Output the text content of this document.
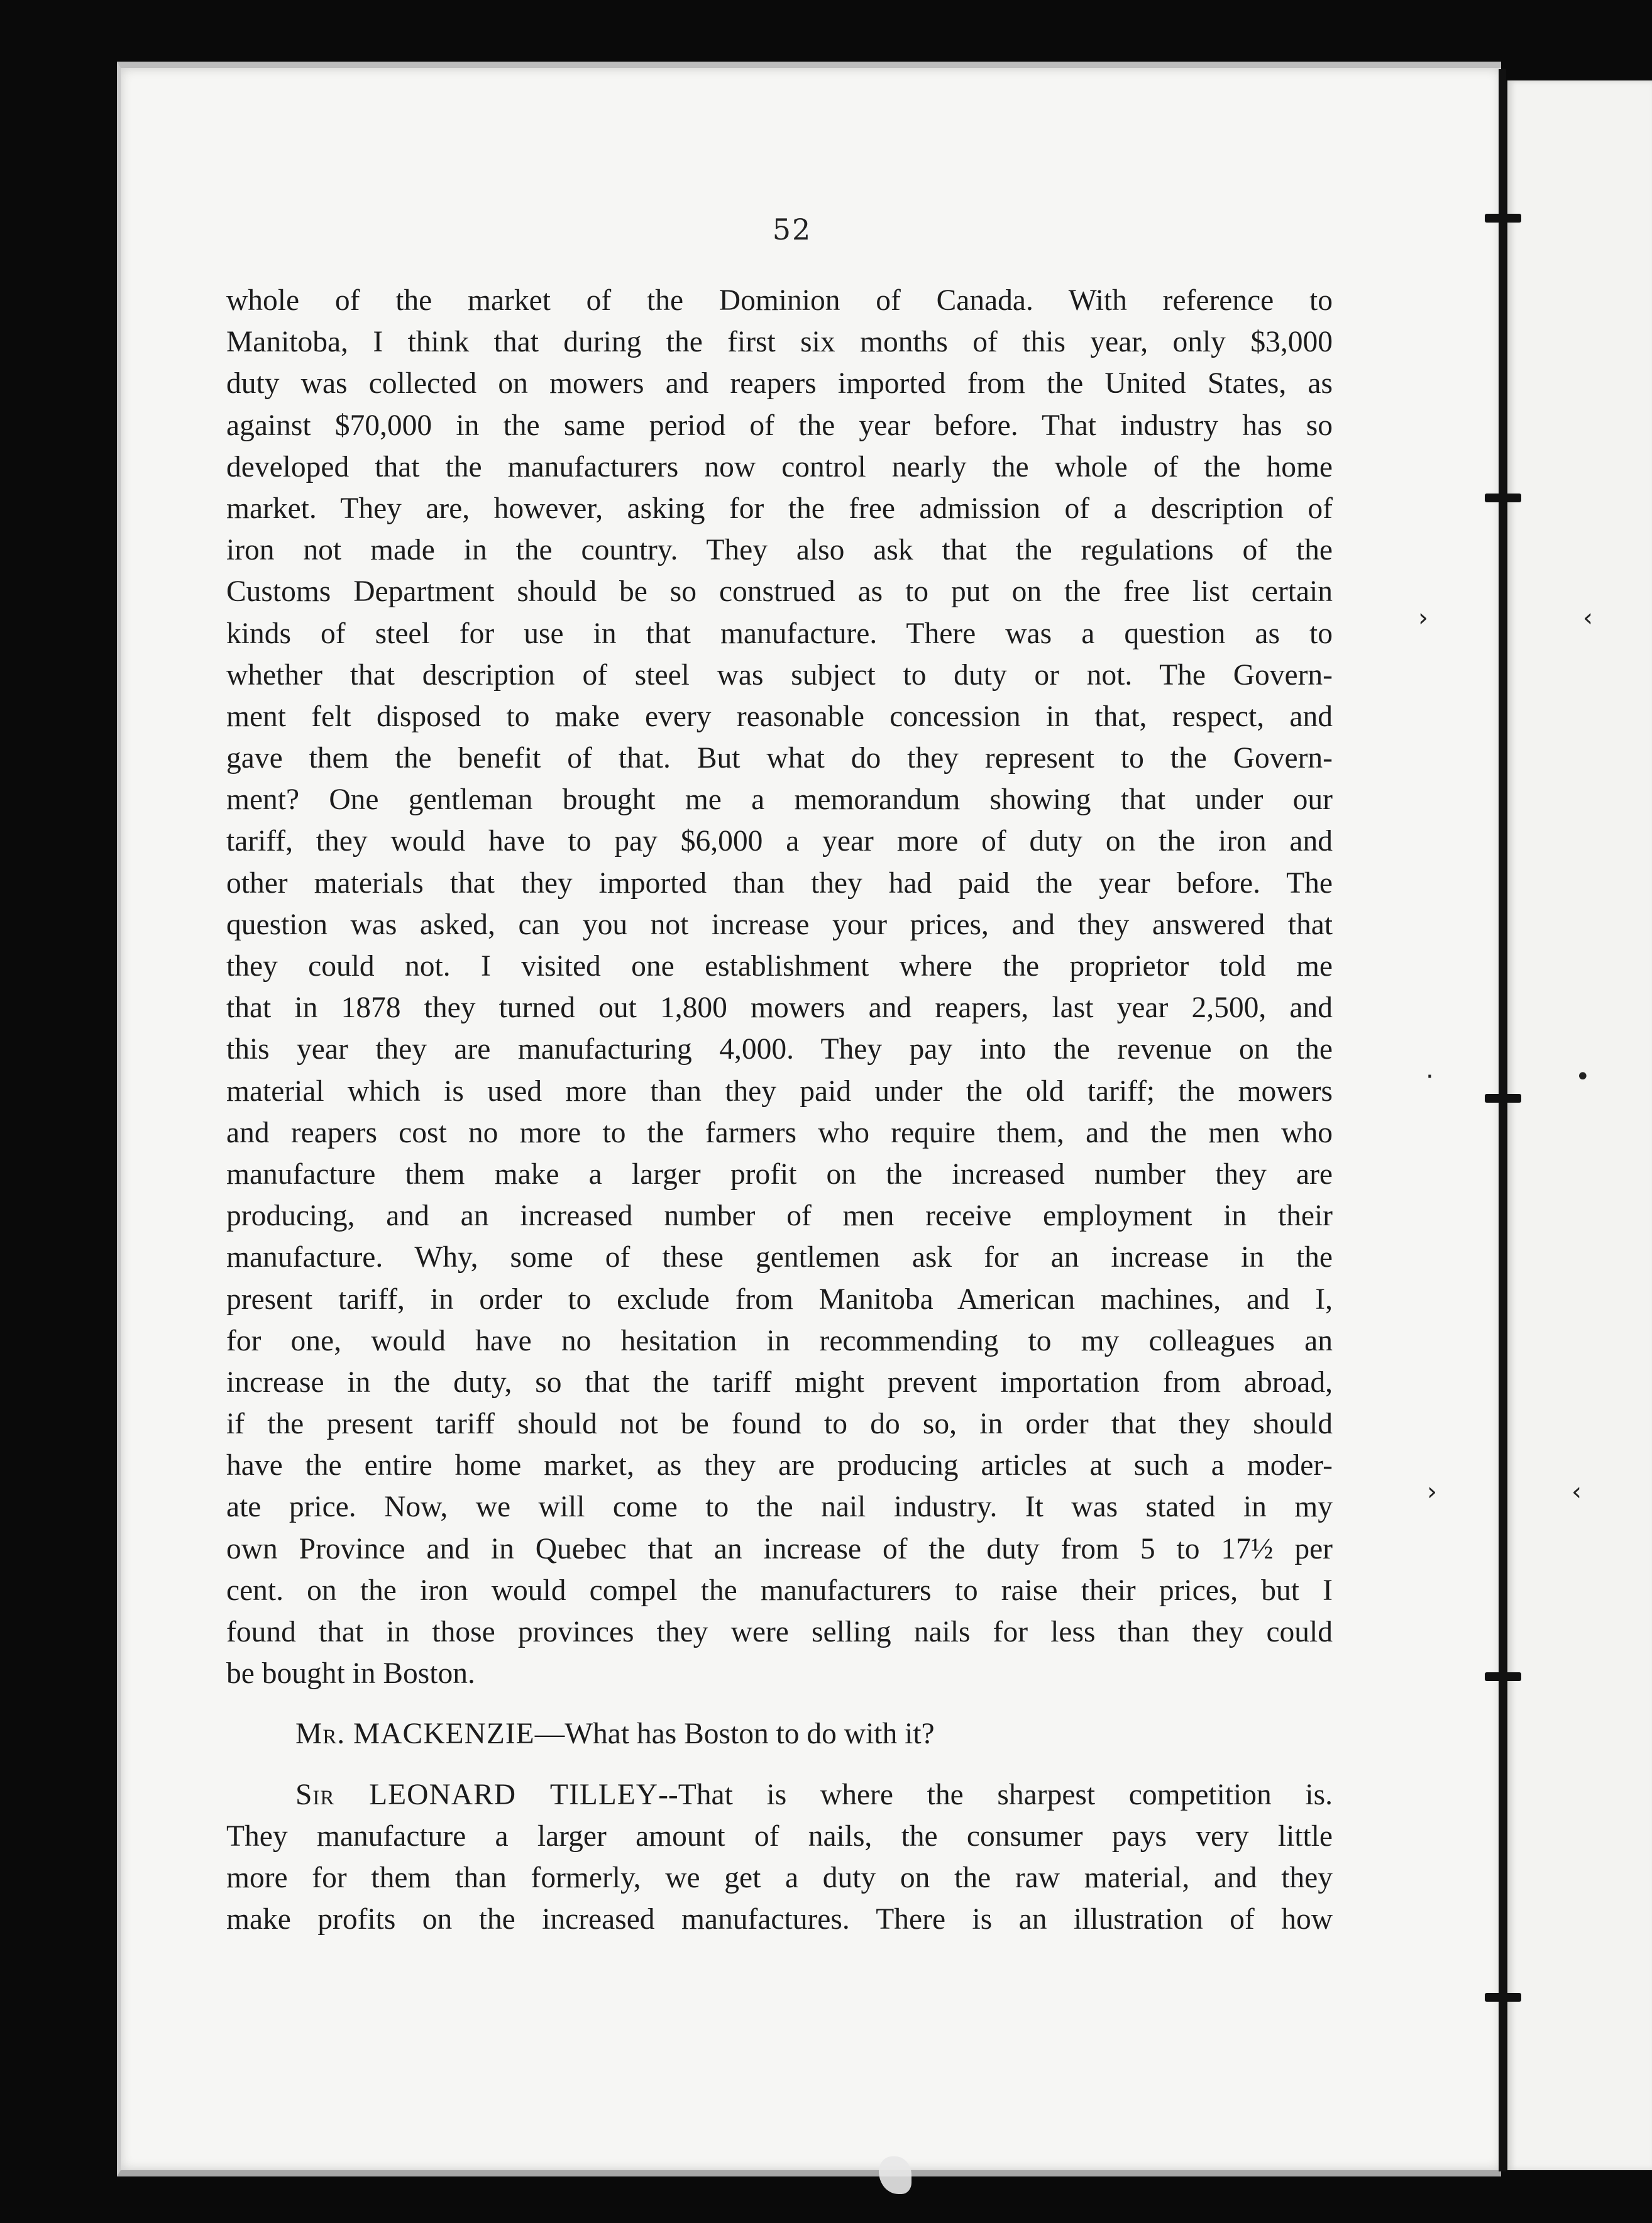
›	‹
·	•
›	‹
52
whole of the market of the Dominion of Canada. With reference to
Manitoba, I think that during the first six months of this year, only $3,000
duty was collected on mowers and reapers imported from the United States, as
against $70,000 in the same period of the year before. That industry has so
developed that the manufacturers now control nearly the whole of the home
market. They are, however, asking for the free admission of a description of
iron not made in the country. They also ask that the regulations of the
Customs Department should be so construed as to put on the free list certain
kinds of steel for use in that manufacture. There was a question as to
whether that description of steel was subject to duty or not. The Govern-
ment felt disposed to make every reasonable concession in that, respect, and
gave them the benefit of that. But what do they represent to the Govern-
ment? One gentleman brought me a memorandum showing that under our
tariff, they would have to pay $6,000 a year more of duty on the iron and
other materials that they imported than they had paid the year before. The
question was asked, can you not increase your prices, and they answered that
they could not. I visited one establishment where the proprietor told me
that in 1878 they turned out 1,800 mowers and reapers, last year 2,500, and
this year they are manufacturing 4,000. They pay into the revenue on the
material which is used more than they paid under the old tariff; the mowers
and reapers cost no more to the farmers who require them, and the men who
manufacture them make a larger profit on the increased number they are
producing, and an increased number of men receive employment in their
manufacture. Why, some of these gentlemen ask for an increase in the
present tariff, in order to exclude from Manitoba American machines, and I,
for one, would have no hesitation in recommending to my colleagues an
increase in the duty, so that the tariff might prevent importation from abroad,
if the present tariff should not be found to do so, in order that they should
have the entire home market, as they are producing articles at such a moder-
ate price. Now, we will come to the nail industry. It was stated in my
own Province and in Quebec that an increase of the duty from 5 to 17½ per
cent. on the iron would compel the manufacturers to raise their prices, but I
found that in those provinces they were selling nails for less than they could
be bought in Boston.
Mr. MACKENZIE—What has Boston to do with it?
Sir LEONARD TILLEY--That is where the sharpest competition is.
They manufacture a larger amount of nails, the consumer pays very little
more for them than formerly, we get a duty on the raw material, and they
make profits on the increased manufactures. There is an illustration of how
